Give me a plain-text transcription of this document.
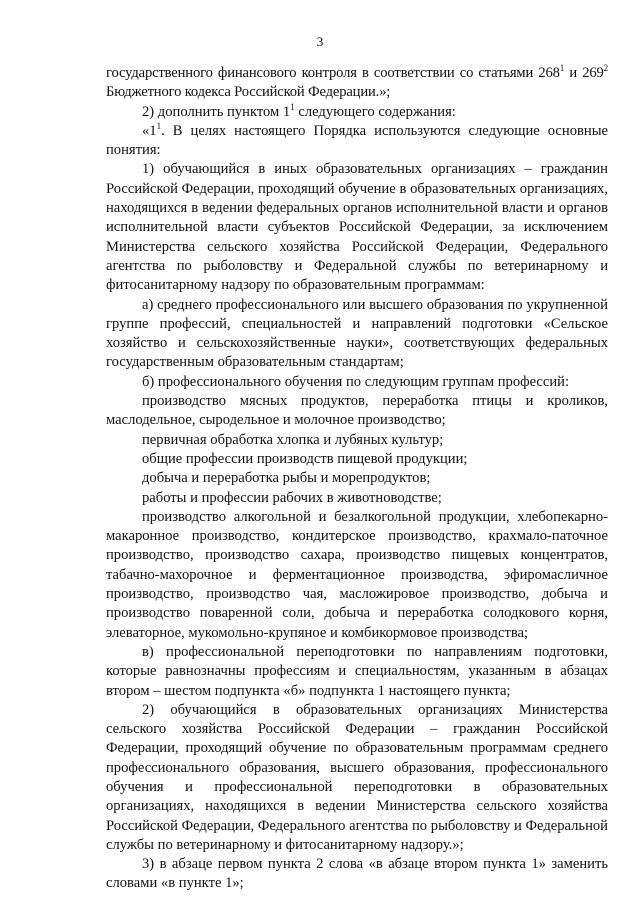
3

государственного финансового контроля в соответствии со статьями $268^1$ и $269^2$ Бюджетного кодекса Российской Федерации.»;

2) дополнить пунктом $1^1$ следующего содержания:

«$1^1$. В целях настоящего Порядка используются следующие основные понятия:

1) обучающийся в иных образовательных организациях – гражданин Российской Федерации, проходящий обучение в образовательных организациях, находящихся в ведении федеральных органов исполнительной власти и органов исполнительной власти субъектов Российской Федерации, за исключением Министерства сельского хозяйства Российской Федерации, Федерального агентства по рыболовству и Федеральной службы по ветеринарному и фитосанитарному надзору по образовательным программам:

а) среднего профессионального или высшего образования по укрупненной группе профессий, специальностей и направлений подготовки «Сельское хозяйство и сельскохозяйственные науки», соответствующих федеральных государственным образовательным стандартам;

б) профессионального обучения по следующим группам профессий:

производство мясных продуктов, переработка птицы и кроликов, маслодельное, сыродельное и молочное производство;

первичная обработка хлопка и лубяных культур;

общие профессии производств пищевой продукции;

добыча и переработка рыбы и морепродуктов;

работы и профессии рабочих в животноводстве;

производство алкогольной и безалкогольной продукции, хлебопекарно-макаронное производство, кондитерское производство, крахмало-паточное производство, производство сахара, производство пищевых концентратов, табачно-махорочное и ферментационное производства, эфиромасличное производство, производство чая, масложировое производство, добыча и производство поваренной соли, добыча и переработка солодкового корня, элеваторное, мукомольно-крупяное и комбикормовое производства;

в) профессиональной переподготовки по направлениям подготовки, которые равнозначны профессиям и специальностям, указанным в абзацах втором – шестом подпункта «б» подпункта 1 настоящего пункта;

2) обучающийся в образовательных организациях Министерства сельского хозяйства Российской Федерации – гражданин Российской Федерации, проходящий обучение по образовательным программам среднего профессионального образования, высшего образования, профессионального обучения и профессиональной переподготовки в образовательных организациях, находящихся в ведении Министерства сельского хозяйства Российской Федерации, Федерального агентства по рыболовству и Федеральной службы по ветеринарному и фитосанитарному надзору.»;

3) в абзаце первом пункта 2 слова «в абзаце втором пункта 1» заменить словами «в пункте 1»;
